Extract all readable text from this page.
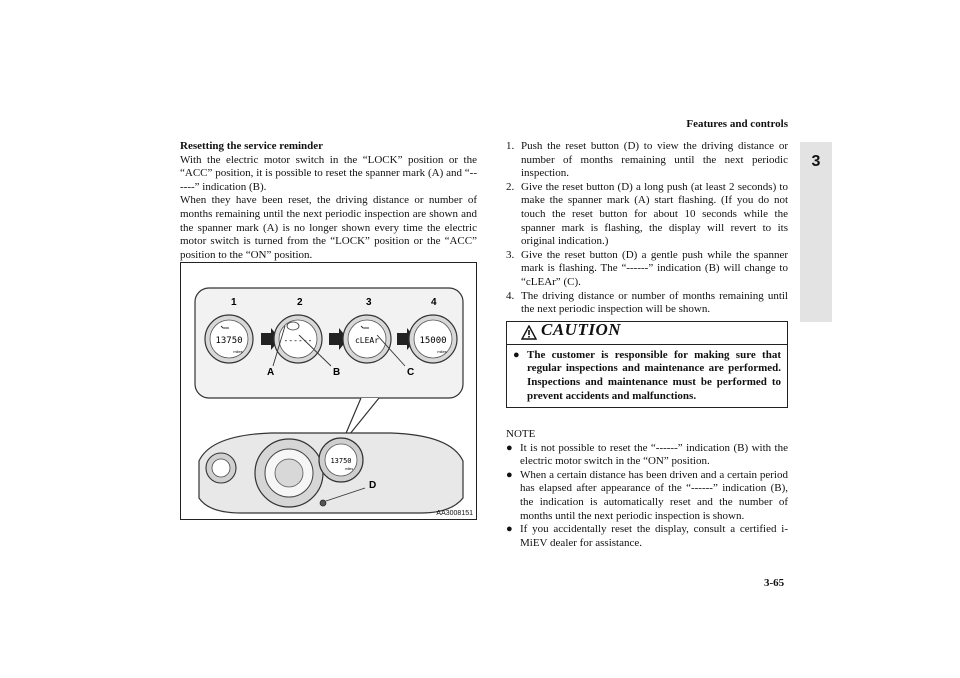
Features and controls
3

Resetting the service reminder

With the electric motor switch in the “LOCK” position or the “ACC” position, it is possible to reset the spanner mark (A) and “------” indication (B).

When they have been reset, the driving distance or number of months remaining until the next periodic inspection are shown and the spanner mark (A) is no longer shown every time the electric motor switch is turned from the “LOCK” position or the “ACC” position to the “ON” position.

1	2	3	4
13750
miles
------	cLEAr	15000
miles
A	B	C
13750
miles
D
AA3008151
1. Push the reset button (D) to view the driving distance or number of months remaining until the next periodic inspection.
2. Give the reset button (D) a long push (at least 2 seconds) to make the spanner mark (A) start flashing. (If you do not touch the reset button for about 10 seconds while the spanner mark is flashing, the display will revert to its original indication.)
3. Give the reset button (D) a gentle push while the spanner mark is flashing. The “------” indication (B) will change to “cLEAr” (C).
4. The driving distance or number of months remaining until the next periodic inspection will be shown.
CAUTION
● The customer is responsible for making sure that regular inspections and maintenance are performed. Inspections and maintenance must be performed to prevent accidents and malfunctions.
NOTE
● It is not possible to reset the “------” indication (B) with the electric motor switch in the “ON” position.
● When a certain distance has been driven and a certain period has elapsed after appearance of the “------” indication (B), the indication is automatically reset and the number of months until the next periodic inspection is shown.
● If you accidentally reset the display, consult a certified i-MiEV dealer for assistance.
3-65
